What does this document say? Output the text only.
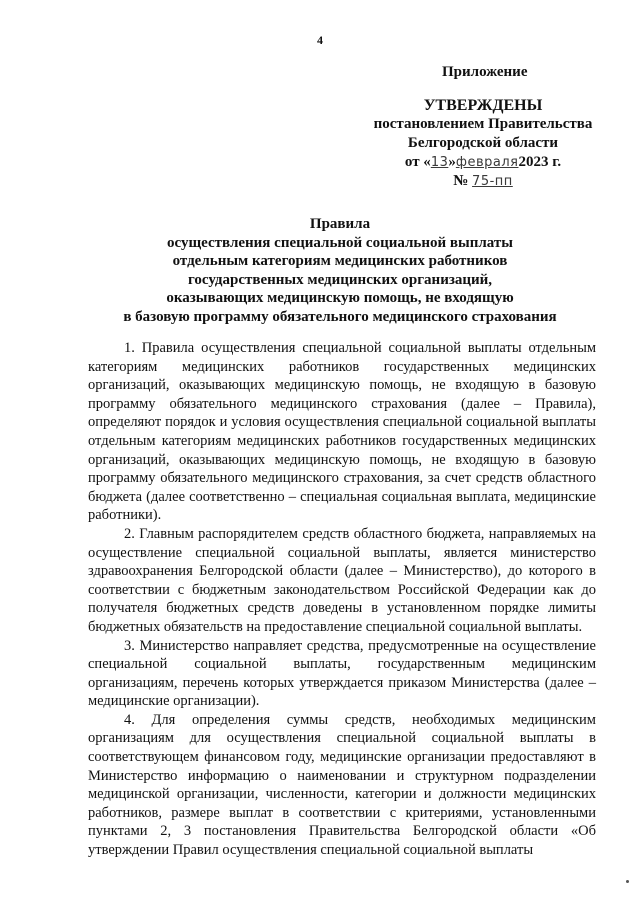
4
Приложение
УТВЕРЖДЕНЫ
постановлением Правительства
Белгородской области
от «13»февраля2023 г.
№ 75-пп
Правила
осуществления специальной социальной выплаты
отдельным категориям медицинских работников
государственных медицинских организаций,
оказывающих медицинскую помощь, не входящую
в базовую программу обязательного медицинского страхования

1. Правила осуществления специальной социальной выплаты отдельным категориям медицинских работников государственных медицинских организаций, оказывающих медицинскую помощь, не входящую в базовую программу обязательного медицинского страхования (далее – Правила), определяют порядок и условия осуществления специальной социальной выплаты отдельным категориям медицинских работников государственных медицинских организаций, оказывающих медицинскую помощь, не входящую в базовую программу обязательного медицинского страхования, за счет средств областного бюджета (далее соответственно – специальная социальная выплата, медицинские работники).

2. Главным распорядителем средств областного бюджета, направляемых на осуществление специальной социальной выплаты, является министерство здравоохранения Белгородской области (далее – Министерство), до которого в соответствии с бюджетным законодательством Российской Федерации как до получателя бюджетных средств доведены в установленном порядке лимиты бюджетных обязательств на предоставление специальной социальной выплаты.

3. Министерство направляет средства, предусмотренные на осуществление специальной социальной выплаты, государственным медицинским организациям, перечень которых утверждается приказом Министерства (далее – медицинские организации).

4. Для определения суммы средств, необходимых медицинским организациям для осуществления специальной социальной выплаты в соответствующем финансовом году, медицинские организации предоставляют в Министерство информацию о наименовании и структурном подразделении медицинской организации, численности, категории и должности медицинских работников, размере выплат в соответствии с критериями, установленными пунктами 2, 3 постановления Правительства Белгородской области «Об утверждении Правил осуществления специальной социальной выплаты
